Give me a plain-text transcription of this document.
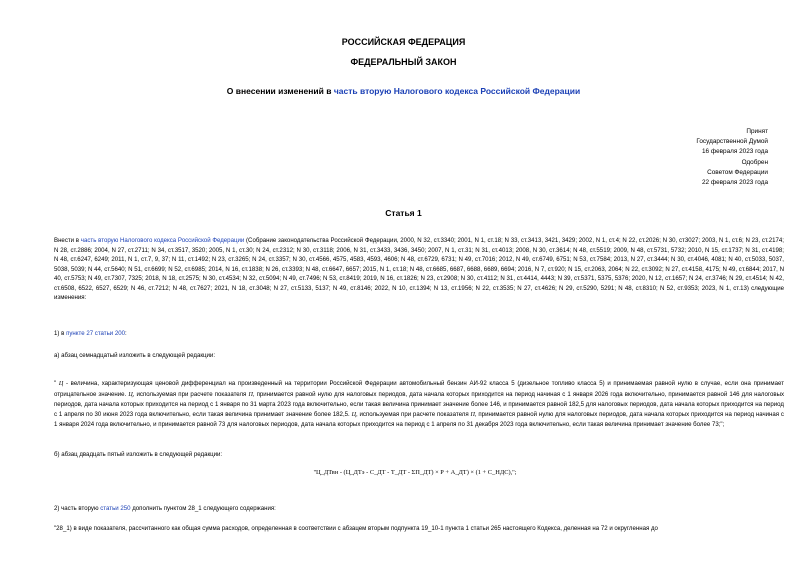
РОССИЙСКАЯ ФЕДЕРАЦИЯ
ФЕДЕРАЛЬНЫЙ ЗАКОН
О внесении изменений в часть вторую Налогового кодекса Российской Федерации
Принят
Государственной Думой
16 февраля 2023 года
Одобрен
Советом Федерации
22 февраля 2023 года
Статья 1
Внести в часть вторую Налогового кодекса Российской Федерации (Собрание законодательства Российской Федерации, 2000, N 32, ст.3340; 2001, N 1, ст.18; N 33, ст.3413, 3421, 3429; 2002, N 1, ст.4; N 22, ст.2026; N 30, ст3027; 2003, N 1, ст.6; N 23, ст.2174; N 28, ст.2886; 2004, N 27, ст.2711; N 34, ст.3517, 3520; 2005, N 1, ст.30; N 24, ст.2312; N 30, ст.3118; 2006, N 31, ст.3433, 3436, 3450; 2007, N 1, ст.31; N 31, ст.4013; 2008, N 30, ст.3614; N 48, ст.5519; 2009, N 48, ст.5731, 5732; 2010, N 15, ст.1737; N 31, ст.4198; N 48, ст.6247, 6249; 2011, N 1, ст.7, 9, 37; N 11, ст.1492; N 23, ст.3265; N 24, ст.3357; N 30, ст.4566, 4575, 4583, 4593, 4606; N 48, ст.6729, 6731; N 49, ст.7016; 2012, N 49, ст.6749, 6751; N 53, ст.7584; 2013, N 27, ст.3444; N 30, ст.4046, 4081; N 40, ст.5033, 5037, 5038, 5039; N 44, ст.5640; N 51, ст.6699; N 52, ст.6985; 2014, N 16, ст.1838; N 26, ст.3393; N 48, ст.6647, 6657; 2015, N 1, ст.18; N 48, ст.6685, 6687, 6688, 6689, 6694; 2016, N 7, ст.920; N 15, ст.2063, 2064; N 22, ст.3092; N 27, ст.4158, 4175; N 49, ст.6844; 2017, N 40, ст.5753; N 49, ст.7307, 7325; 2018, N 18, ст.2575; N 30, ст.4534; N 32, ст.5094; N 49, ст.7496; N 53, ст.8419; 2019, N 16, ст.1826; N 23, ст.2908; N 30, ст.4112; N 31, ст.4414, 4443; N 39, ст.5371, 5375, 5376; 2020, N 12, ст.1657; N 24, ст.3746; N 29, ст.4514; N 42, ст.6508, 6522, 6527, 6529; N 46, ст.7212; N 48, ст.7627; 2021, N 18, ст.3048; N 27, ст.5133, 5137; N 49, ст.8146; 2022, N 10, ст.1394; N 13, ст.1956; N 22, ст.3535; N 27, ст.4626; N 29, ст.5290, 5291; N 48, ст.8310; N 52, ст.9353; 2023, N 1, ст.13) следующие изменения:
1) в пункте 27 статьи 200:
а) абзац семнадцатый изложить в следующей редакции:
" Ц - величина, характеризующая ценовой дифференциал на произведенный на территории Российской Федерации автомобильный бензин АИ-92 класса 5 (дизельное топливо класса 5) и принимаемая равной нулю в случае, если она принимает отрицательное значение. Ц, используемая при расчете показателя П, принимается равной нулю для налоговых периодов, дата начала которых приходится на период начиная с 1 января 2026 года включительно, принимается равной 146 для налоговых периодов, дата начала которых приходится на период с 1 января по 31 марта 2023 года включительно, если такая величина принимает значение более 146, и принимается равной 182,5 для налоговых периодов, дата начала которых приходится на период с 1 апреля по 30 июня 2023 года включительно, если такая величина принимает значение более 182,5. Ц, используемая при расчете показателя П, принимается равной нулю для налоговых периодов, дата начала которых приходится на период начиная с 1 января 2024 года включительно, и принимается равной 73 для налоговых периодов, дата начала которых приходится на период с 1 апреля по 31 декабря 2023 года включительно, если такая величина принимает значение более 73;";
б) абзац двадцать пятый изложить в следующей редакции:
"Ц_ДТвн - (Ц_ДТэ - С_ДТ - Т_ДТ - ΣП_ДТ) × Р + А_ДТ) × (1 + С_НДС),";
2) часть вторую статьи 250 дополнить пунктом 28_1 следующего содержания:
"28_1) в виде показателя, рассчитанного как общая сумма расходов, определенная в соответствии с абзацем вторым подпункта 19_10-1 пункта 1 статьи 265 настоящего Кодекса, деленная на 72 и округленная до
